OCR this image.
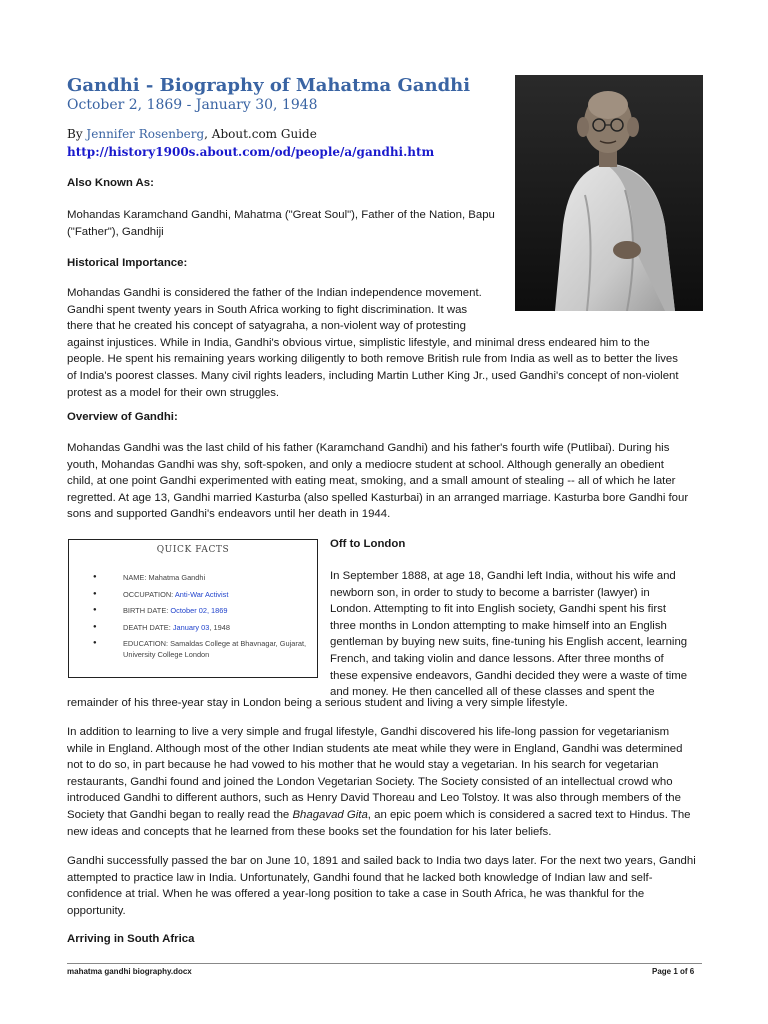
Gandhi - Biography of Mahatma Gandhi
October 2, 1869 - January 30, 1948
By Jennifer Rosenberg, About.com Guide
http://history1900s.about.com/od/people/a/gandhi.htm
Also Known As:
Mohandas Karamchand Gandhi, Mahatma ("Great Soul"), Father of the Nation, Bapu
("Father"), Gandhiji
Historical Importance:
Mohandas Gandhi is considered the father of the Indian independence movement.
Gandhi spent twenty years in South Africa working to fight discrimination. It was
there that he created his concept of satyagraha, a non-violent way of protesting
against injustices. While in India, Gandhi's obvious virtue, simplistic lifestyle, and minimal dress endeared him to the
people. He spent his remaining years working diligently to both remove British rule from India as well as to better the lives
of India's poorest classes. Many civil rights leaders, including Martin Luther King Jr., used Gandhi's concept of non-violent
protest as a model for their own struggles.
Overview of Gandhi:
Mohandas Gandhi was the last child of his father (Karamchand Gandhi) and his father's fourth wife (Putlibai). During his
youth, Mohandas Gandhi was shy, soft-spoken, and only a mediocre student at school. Although generally an obedient
child, at one point Gandhi experimented with eating meat, smoking, and a small amount of stealing -- all of which he later
regretted. At age 13, Gandhi married Kasturba (also spelled Kasturbai) in an arranged marriage. Kasturba bore Gandhi four
sons and supported Gandhi's endeavors until her death in 1944.
QUICK FACTS
● NAME: Mahatma Gandhi
● OCCUPATION: Anti-War Activist
● BIRTH DATE: October 02, 1869
● DEATH DATE: January 03, 1948
● EDUCATION: Samaldas College at Bhavnagar, Gujarat, University College London
Off to London
In September 1888, at age 18, Gandhi left India, without his wife and
newborn son, in order to study to become a barrister (lawyer) in
London. Attempting to fit into English society, Gandhi spent his first
three months in London attempting to make himself into an English
gentleman by buying new suits, fine-tuning his English accent, learning
French, and taking violin and dance lessons. After three months of
these expensive endeavors, Gandhi decided they were a waste of time
and money. He then cancelled all of these classes and spent the
remainder of his three-year stay in London being a serious student and living a very simple lifestyle.
In addition to learning to live a very simple and frugal lifestyle, Gandhi discovered his life-long passion for vegetarianism
while in England. Although most of the other Indian students ate meat while they were in England, Gandhi was determined
not to do so, in part because he had vowed to his mother that he would stay a vegetarian. In his search for vegetarian
restaurants, Gandhi found and joined the London Vegetarian Society. The Society consisted of an intellectual crowd who
introduced Gandhi to different authors, such as Henry David Thoreau and Leo Tolstoy. It was also through members of the
Society that Gandhi began to really read the Bhagavad Gita, an epic poem which is considered a sacred text to Hindus. The
new ideas and concepts that he learned from these books set the foundation for his later beliefs.
Gandhi successfully passed the bar on June 10, 1891 and sailed back to India two days later. For the next two years, Gandhi
attempted to practice law in India. Unfortunately, Gandhi found that he lacked both knowledge of Indian law and self-
confidence at trial. When he was offered a year-long position to take a case in South Africa, he was thankful for the
opportunity.
Arriving in South Africa
mahatma gandhi biography.docx	Page 1 of 6
